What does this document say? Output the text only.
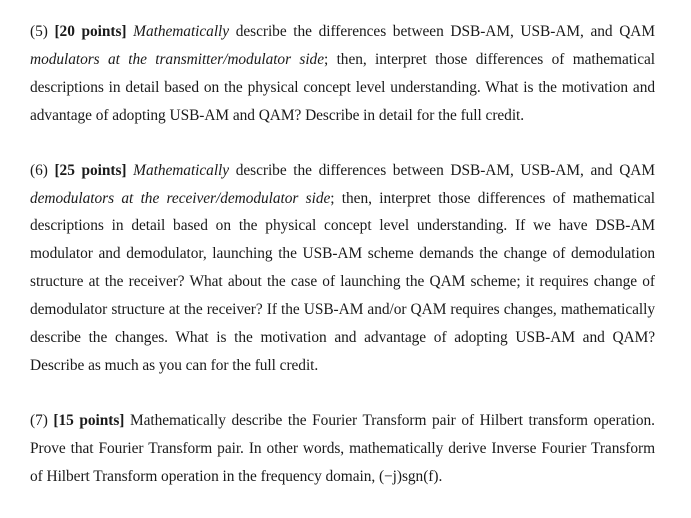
(5) [20 points] Mathematically describe the differences between DSB-AM, USB-AM, and QAM modulators at the transmitter/modulator side; then, interpret those differences of mathematical descriptions in detail based on the physical concept level understanding. What is the motivation and advantage of adopting USB-AM and QAM? Describe in detail for the full credit.

(6) [25 points] Mathematically describe the differences between DSB-AM, USB-AM, and QAM demodulators at the receiver/demodulator side; then, interpret those differences of mathematical descriptions in detail based on the physical concept level understanding. If we have DSB-AM modulator and demodulator, launching the USB-AM scheme demands the change of demodulation structure at the receiver? What about the case of launching the QAM scheme; it requires change of demodulator structure at the receiver? If the USB-AM and/or QAM requires changes, mathematically describe the changes. What is the motivation and advantage of adopting USB-AM and QAM? Describe as much as you can for the full credit.

(7) [15 points] Mathematically describe the Fourier Transform pair of Hilbert transform operation. Prove that Fourier Transform pair. In other words, mathematically derive Inverse Fourier Transform of Hilbert Transform operation in the frequency domain, (−j)sgn(f).
